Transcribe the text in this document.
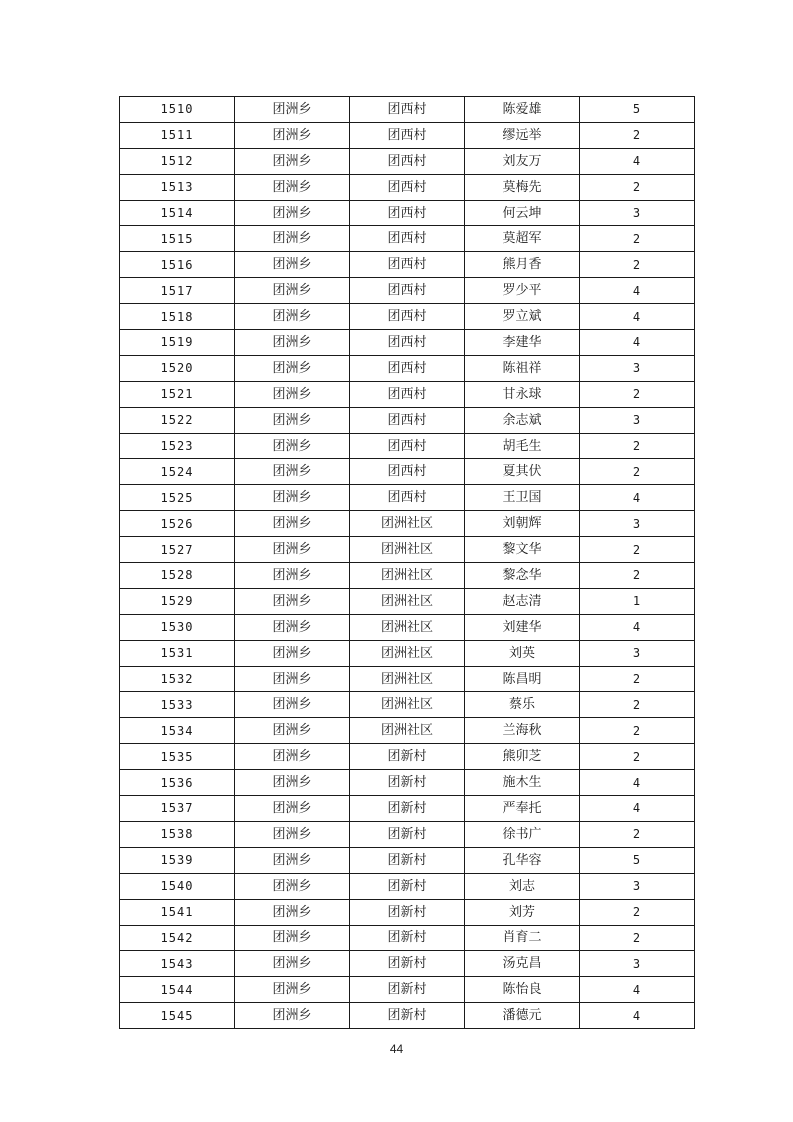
1510	团洲乡	团西村	陈爱雄	5
1511	团洲乡	团西村	缪远举	2
1512	团洲乡	团西村	刘友万	4
1513	团洲乡	团西村	莫梅先	2
1514	团洲乡	团西村	何云坤	3
1515	团洲乡	团西村	莫超军	2
1516	团洲乡	团西村	熊月香	2
1517	团洲乡	团西村	罗少平	4
1518	团洲乡	团西村	罗立斌	4
1519	团洲乡	团西村	李建华	4
1520	团洲乡	团西村	陈祖祥	3
1521	团洲乡	团西村	甘永球	2
1522	团洲乡	团西村	余志斌	3
1523	团洲乡	团西村	胡毛生	2
1524	团洲乡	团西村	夏其伏	2
1525	团洲乡	团西村	王卫国	4
1526	团洲乡	团洲社区	刘朝辉	3
1527	团洲乡	团洲社区	黎文华	2
1528	团洲乡	团洲社区	黎念华	2
1529	团洲乡	团洲社区	赵志清	1
1530	团洲乡	团洲社区	刘建华	4
1531	团洲乡	团洲社区	刘英	3
1532	团洲乡	团洲社区	陈昌明	2
1533	团洲乡	团洲社区	蔡乐	2
1534	团洲乡	团洲社区	兰海秋	2
1535	团洲乡	团新村	熊卯芝	2
1536	团洲乡	团新村	施木生	4
1537	团洲乡	团新村	严奉托	4
1538	团洲乡	团新村	徐书广	2
1539	团洲乡	团新村	孔华容	5
1540	团洲乡	团新村	刘志	3
1541	团洲乡	团新村	刘芳	2
1542	团洲乡	团新村	肖育二	2
1543	团洲乡	团新村	汤克昌	3
1544	团洲乡	团新村	陈怡良	4
1545	团洲乡	团新村	潘德元	4
44
